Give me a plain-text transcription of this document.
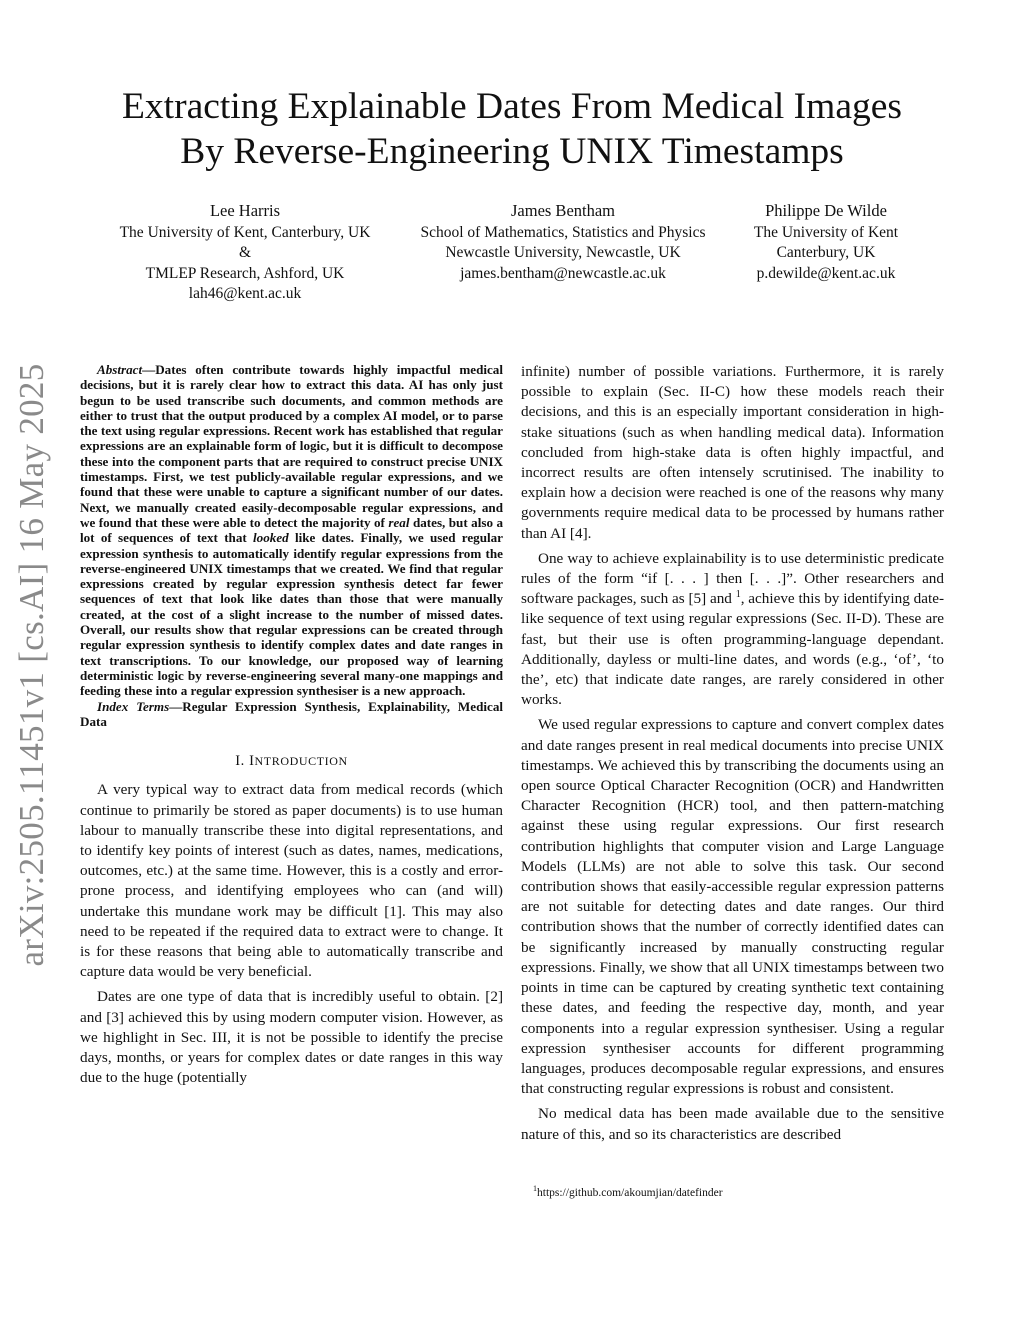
arXiv:2505.11451v1 [cs.AI] 16 May 2025
Extracting Explainable Dates From Medical Images
By Reverse-Engineering UNIX Timestamps
Lee Harris
The University of Kent, Canterbury, UK
&
TMLEP Research, Ashford, UK
lah46@kent.ac.uk
James Bentham
School of Mathematics, Statistics and Physics
Newcastle University, Newcastle, UK
james.bentham@newcastle.ac.uk
Philippe De Wilde
The University of Kent
Canterbury, UK
p.dewilde@kent.ac.uk

Abstract—Dates often contribute towards highly impactful medical decisions, but it is rarely clear how to extract this data. AI has only just begun to be used transcribe such documents, and common methods are either to trust that the output produced by a complex AI model, or to parse the text using regular expressions. Recent work has established that regular expressions are an explainable form of logic, but it is difficult to decompose these into the component parts that are required to construct precise UNIX timestamps. First, we test publicly-available regular expressions, and we found that these were unable to capture a significant number of our dates. Next, we manually created easily-decomposable regular expressions, and we found that these were able to detect the majority of real dates, but also a lot of sequences of text that looked like dates. Finally, we used regular expression synthesis to automatically identify regular expressions from the reverse-engineered UNIX timestamps that we created. We find that regular expressions created by regular expression synthesis detect far fewer sequences of text that look like dates than those that were manually created, at the cost of a slight increase to the number of missed dates. Overall, our results show that regular expressions can be created through regular expression synthesis to identify complex dates and date ranges in text transcriptions. To our knowledge, our proposed way of learning deterministic logic by reverse-engineering several many-one mappings and feeding these into a regular expression synthesiser is a new approach.

Index Terms—Regular Expression Synthesis, Explainability, Medical Data

I. INTRODUCTION

A very typical way to extract data from medical records (which continue to primarily be stored as paper documents) is to use human labour to manually transcribe these into digital representations, and to identify key points of interest (such as dates, names, medications, outcomes, etc.) at the same time. However, this is a costly and error-prone process, and identifying employees who can (and will) undertake this mundane work may be difficult [1]. This may also need to be repeated if the required data to extract were to change. It is for these reasons that being able to automatically transcribe and capture data would be very beneficial.

Dates are one type of data that is incredibly useful to obtain. [2] and [3] achieved this by using modern computer vision. However, as we highlight in Sec. III, it is not be possible to identify the precise days, months, or years for complex dates or date ranges in this way due to the huge (potentially

infinite) number of possible variations. Furthermore, it is rarely possible to explain (Sec. II-C) how these models reach their decisions, and this is an especially important consideration in high-stake situations (such as when handling medical data). Information concluded from high-stake data is often highly impactful, and incorrect results are often intensely scrutinised. The inability to explain how a decision were reached is one of the reasons why many governments require medical data to be processed by humans rather than AI [4].

One way to achieve explainability is to use deterministic predicate rules of the form “if [. . . ] then [. . .]”. Other researchers and software packages, such as [5] and $^1$, achieve this by identifying date-like sequence of text using regular expressions (Sec. II-D). These are fast, but their use is often programming-language dependant. Additionally, dayless or multi-line dates, and words (e.g., ‘of’, ‘to the’, etc) that indicate date ranges, are rarely considered in other works.

We used regular expressions to capture and convert complex dates and date ranges present in real medical documents into precise UNIX timestamps. We achieved this by transcribing the documents using an open source Optical Character Recognition (OCR) and Handwritten Character Recognition (HCR) tool, and then pattern-matching against these using regular expressions. Our first research contribution highlights that computer vision and Large Language Models (LLMs) are not able to solve this task. Our second contribution shows that easily-accessible regular expression patterns are not suitable for detecting dates and date ranges. Our third contribution shows that the number of correctly identified dates can be significantly increased by manually constructing regular expressions. Finally, we show that all UNIX timestamps between two points in time can be captured by creating synthetic text containing these dates, and feeding the respective day, month, and year components into a regular expression synthesiser. Using a regular expression synthesiser accounts for different programming languages, produces decomposable regular expressions, and ensures that constructing regular expressions is robust and consistent.

No medical data has been made available due to the sensitive nature of this, and so its characteristics are described

$^1$https://github.com/akoumjian/datefinder
